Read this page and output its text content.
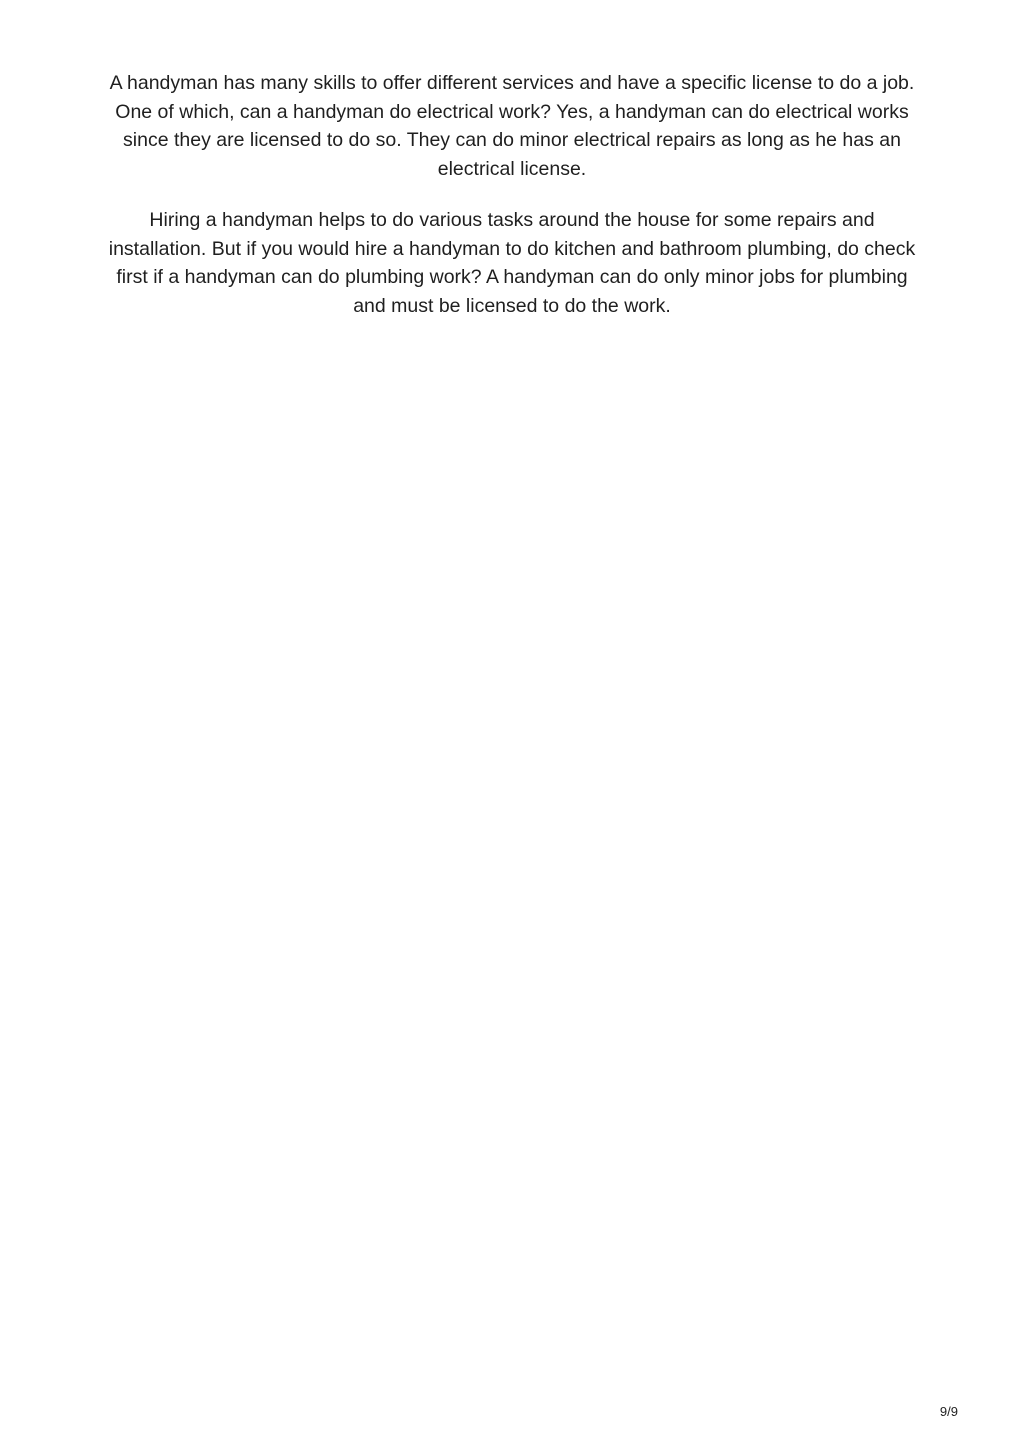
A handyman has many skills to offer different services and have a specific license to do a job. One of which, can a handyman do electrical work? Yes, a handyman can do electrical works since they are licensed to do so. They can do minor electrical repairs as long as he has an electrical license.

Hiring a handyman helps to do various tasks around the house for some repairs and installation. But if you would hire a handyman to do kitchen and bathroom plumbing, do check first if a handyman can do plumbing work? A handyman can do only minor jobs for plumbing and must be licensed to do the work.

9/9
